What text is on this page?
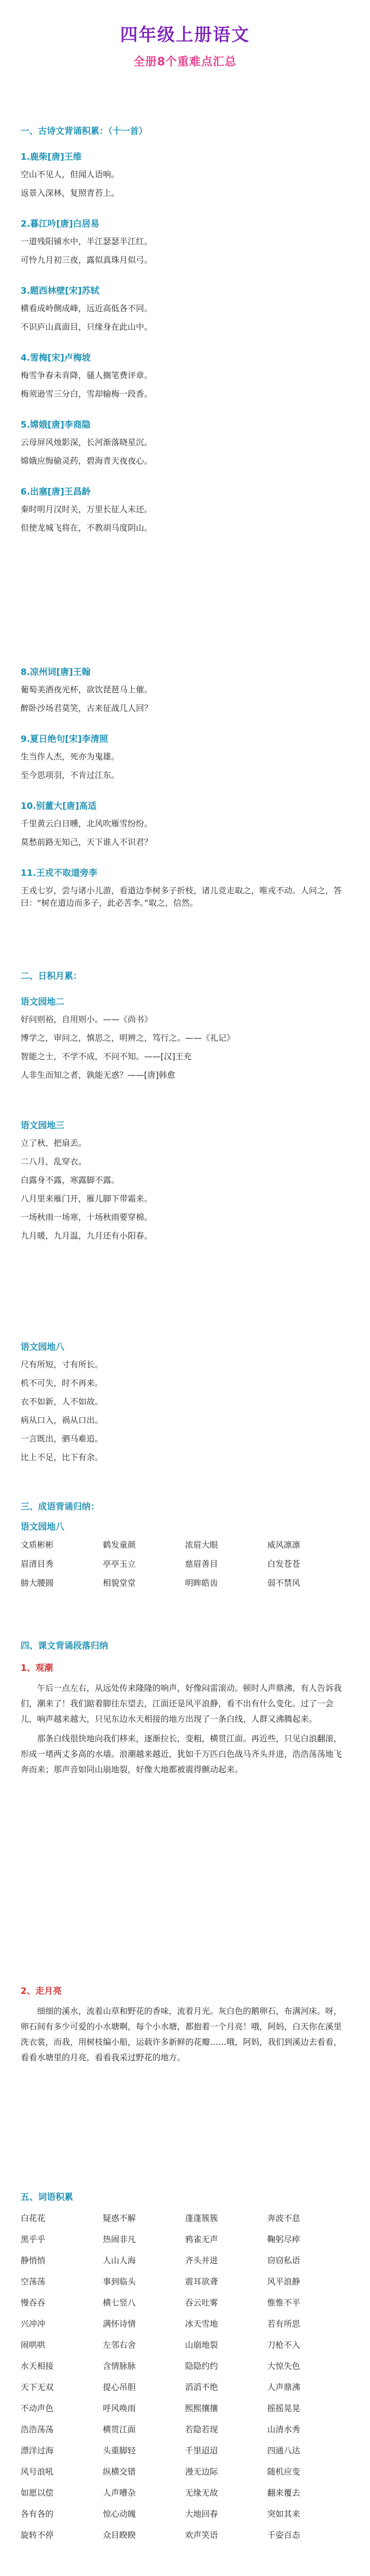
四年级上册语文
全册8个重难点汇总
一、古诗文背诵积累：（十一首）
1.鹿柴[唐]王维

空山不见人，但闻人语响。

返景入深林，复照青苔上。

2.暮江吟[唐]白居易

一道残阳铺水中，半江瑟瑟半江红。

可怜九月初三夜，露似真珠月似弓。

3.题西林壁[宋]苏轼

横看成岭侧成峰，远近高低各不同。

不识庐山真面目，只缘身在此山中。

4.雪梅[宋]卢梅坡

梅雪争春未肯降，骚人搁笔费评章。

梅须逊雪三分白，雪却输梅一段香。

5.嫦娥[唐]李商隐

云母屏风烛影深，长河渐落晓星沉。

嫦娥应悔偷灵药，碧海青天夜夜心。

6.出塞[唐]王昌龄

秦时明月汉时关，万里长征人未还。

但使龙城飞将在，不教胡马度阴山。

8.凉州词[唐]王翰

葡萄美酒夜光杯，欲饮琵琶马上催。

醉卧沙场君莫笑，古来征战几人回？

9.夏日绝句[宋]李清照

生当作人杰，死亦为鬼雄。

至今思项羽，不肯过江东。

10.别董大[唐]高适

千里黄云白日曛，北风吹雁雪纷纷。

莫愁前路无知己，天下谁人不识君？

11.王戎不取道旁李

王戎七岁，尝与诸小儿游，看道边李树多子折枝，诸儿竞走取之，唯戎不动。人问之，答曰：“树在道边而多子，此必苦李。”取之，信然。

二、日积月累：
语文园地二

好问则裕，自用则小。——《尚书》

博学之，审问之，慎思之，明辨之，笃行之。——《礼记》

智能之士，不学不成，不问不知。——[汉]王充

人非生而知之者，孰能无惑？——[唐]韩愈

语文园地三

立了秋，把扇丢。

二八月，乱穿衣。

白露身不露，寒露脚不露。

八月里来雁门开，雁儿脚下带霜来。

一场秋雨一场寒，十场秋雨要穿棉。

九月暖，九月温，九月还有小阳春。

语文园地八

尺有所短，寸有所长。

机不可失，时不再来。

衣不如新，人不如故。

病从口入，祸从口出。

一言既出，驷马难追。

比上不足，比下有余。

三、成语背诵归纳：
语文园地八
文质彬彬	鹤发童颜	浓眉大眼	威风凛凛
眉清目秀	亭亭玉立	慈眉善目	白发苍苍
膀大腰圆	相貌堂堂	明眸皓齿	弱不禁风
四、课文背诵段落归纳
1、观潮

午后一点左右，从远处传来隆隆的响声，好像闷雷滚动。顿时人声鼎沸，有人告诉我们，潮来了！我们踮着脚往东望去，江面还是风平浪静，看不出有什么变化。过了一会儿，响声越来越大，只见东边水天相接的地方出现了一条白线，人群又沸腾起来。

那条白线很快地向我们移来，逐渐拉长，变粗，横贯江面。再近些，只见白浪翻滚，形成一堵两丈多高的水墙。浪潮越来越近，犹如千万匹白色战马齐头并进，浩浩荡荡地飞奔而来；那声音如同山崩地裂，好像大地都被震得颤动起来。

2、走月亮

细细的溪水，流着山草和野花的香味，流着月光。灰白色的鹅卵石，布满河床。呀，卵石间有多少可爱的小水塘啊，每个小水塘，都抱着一个月亮！哦，阿妈，白天你在溪里洗衣裳，而我，用树枝编小船，运载许多新鲜的花瓣……哦，阿妈，我们到溪边去看看，看看水塘里的月亮，看看我采过野花的地方。

五、词语积累
白花花	疑惑不解	蓬蓬簇簇	奔波不息
黑乎乎	热闹非凡	鸦雀无声	鞠躬尽瘁
静悄悄	人山人海	齐头并进	窃窃私语
空荡荡	事到临头	震耳欲聋	风平浪静
慢吞吞	横七竖八	吞云吐雾	惟惟不平
兴冲冲	满怀诗情	冰天雪地	若有所思
闹哄哄	左邻右舍	山崩地裂	刀枪不入
水天相接	含情脉脉	隐隐约约	大惊失色
天下无双	提心吊胆	滔滔不绝	人声鼎沸
不动声色	呼风唤雨	熙熙攘攘	摇摇晃晃
浩浩荡荡	横贯江面	若隐若现	山清水秀
漂洋过海	头重脚轻	千里迢迢	四通八达
风号浪吼	纵横交错	漫无边际	随机应变
如愿以偿	人声嘈杂	无缘无故	翻来覆去
各有各的	惊心动魄	大地回春	突如其来
旋转不停	众目睽睽	欢声笑语	千姿百态
